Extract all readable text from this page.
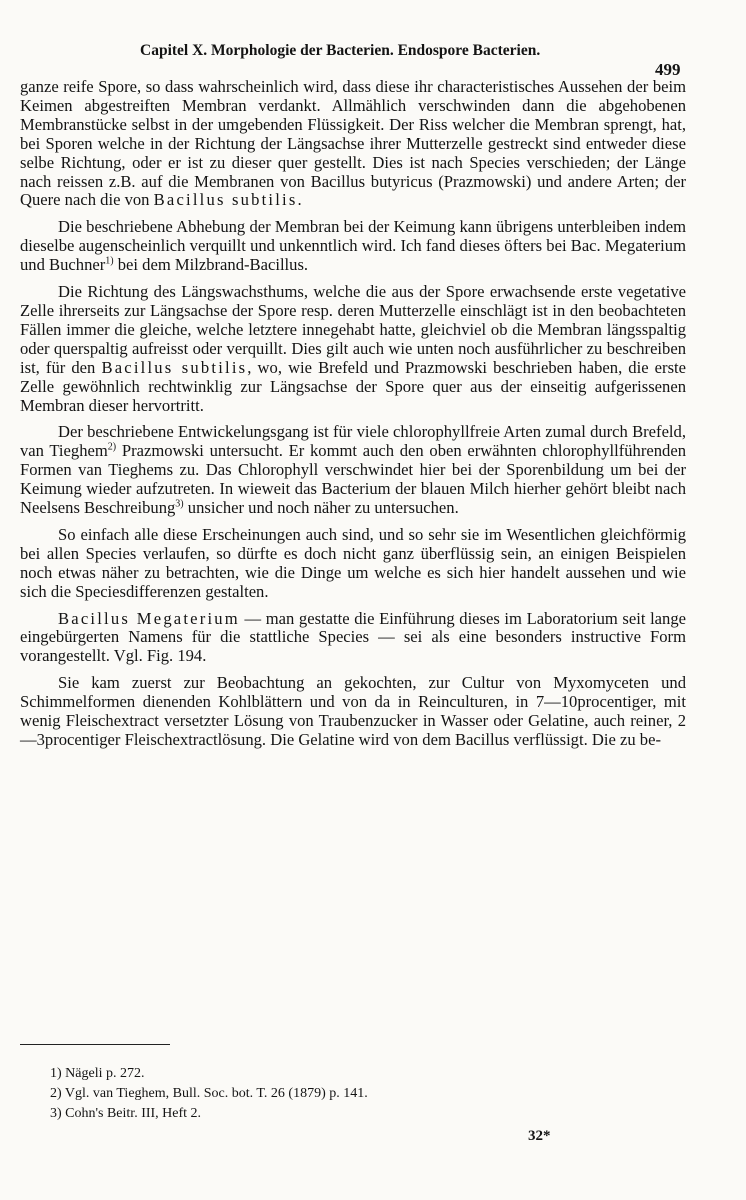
Capitel X. Morphologie der Bacterien. Endospore Bacterien.
499

ganze reife Spore, so dass wahrscheinlich wird, dass diese ihr characteristisches Aussehen der beim Keimen abgestreiften Membran verdankt. Allmählich verschwinden dann die abgehobenen Membranstücke selbst in der umgebenden Flüssigkeit. Der Riss welcher die Membran sprengt, hat, bei Sporen welche in der Richtung der Längsachse ihrer Mutterzelle gestreckt sind entweder diese selbe Richtung, oder er ist zu dieser quer gestellt. Dies ist nach Species verschieden; der Länge nach reissen z.B. auf die Membranen von Bacillus butyricus (Prazmowski) und andere Arten; der Quere nach die von Bacillus subtilis.

Die beschriebene Abhebung der Membran bei der Keimung kann übrigens unterbleiben indem dieselbe augenscheinlich verquillt und unkenntlich wird. Ich fand dieses öfters bei Bac. Megaterium und Buchner$^{1)}$ bei dem Milzbrand-Bacillus.

Die Richtung des Längswachsthums, welche die aus der Spore erwachsende erste vegetative Zelle ihrerseits zur Längsachse der Spore resp. deren Mutterzelle einschlägt ist in den beobachteten Fällen immer die gleiche, welche letztere innegehabt hatte, gleichviel ob die Membran längsspaltig oder querspaltig aufreisst oder verquillt. Dies gilt auch wie unten noch ausführlicher zu beschreiben ist, für den Bacillus subtilis, wo, wie Brefeld und Prazmowski beschrieben haben, die erste Zelle gewöhnlich rechtwinklig zur Längsachse der Spore quer aus der einseitig aufgerissenen Membran dieser hervortritt.

Der beschriebene Entwickelungsgang ist für viele chlorophyllfreie Arten zumal durch Brefeld, van Tieghem$^{2)}$ Prazmowski untersucht. Er kommt auch den oben erwähnten chlorophyllführenden Formen van Tieghems zu. Das Chlorophyll verschwindet hier bei der Sporenbildung um bei der Keimung wieder aufzutreten. In wieweit das Bacterium der blauen Milch hierher gehört bleibt nach Neelsens Beschreibung$^{3)}$ unsicher und noch näher zu untersuchen.

So einfach alle diese Erscheinungen auch sind, und so sehr sie im Wesentlichen gleichförmig bei allen Species verlaufen, so dürfte es doch nicht ganz überflüssig sein, an einigen Beispielen noch etwas näher zu betrachten, wie die Dinge um welche es sich hier handelt aussehen und wie sich die Speciesdifferenzen gestalten.

Bacillus Megaterium — man gestatte die Einführung dieses im Laboratorium seit lange eingebürgerten Namens für die stattliche Species — sei als eine besonders instructive Form vorangestellt. Vgl. Fig. 194.

Sie kam zuerst zur Beobachtung an gekochten, zur Cultur von Myxomyceten und Schimmelformen dienenden Kohlblättern und von da in Reinculturen, in 7—10procentiger, mit wenig Fleischextract versetzter Lösung von Traubenzucker in Wasser oder Gelatine, auch reiner, 2—3procentiger Fleischextractlösung. Die Gelatine wird von dem Bacillus verflüssigt. Die zu be-

1) Nägeli p. 272.
2) Vgl. van Tieghem, Bull. Soc. bot. T. 26 (1879) p. 141.
3) Cohn's Beitr. III, Heft 2.
32*
